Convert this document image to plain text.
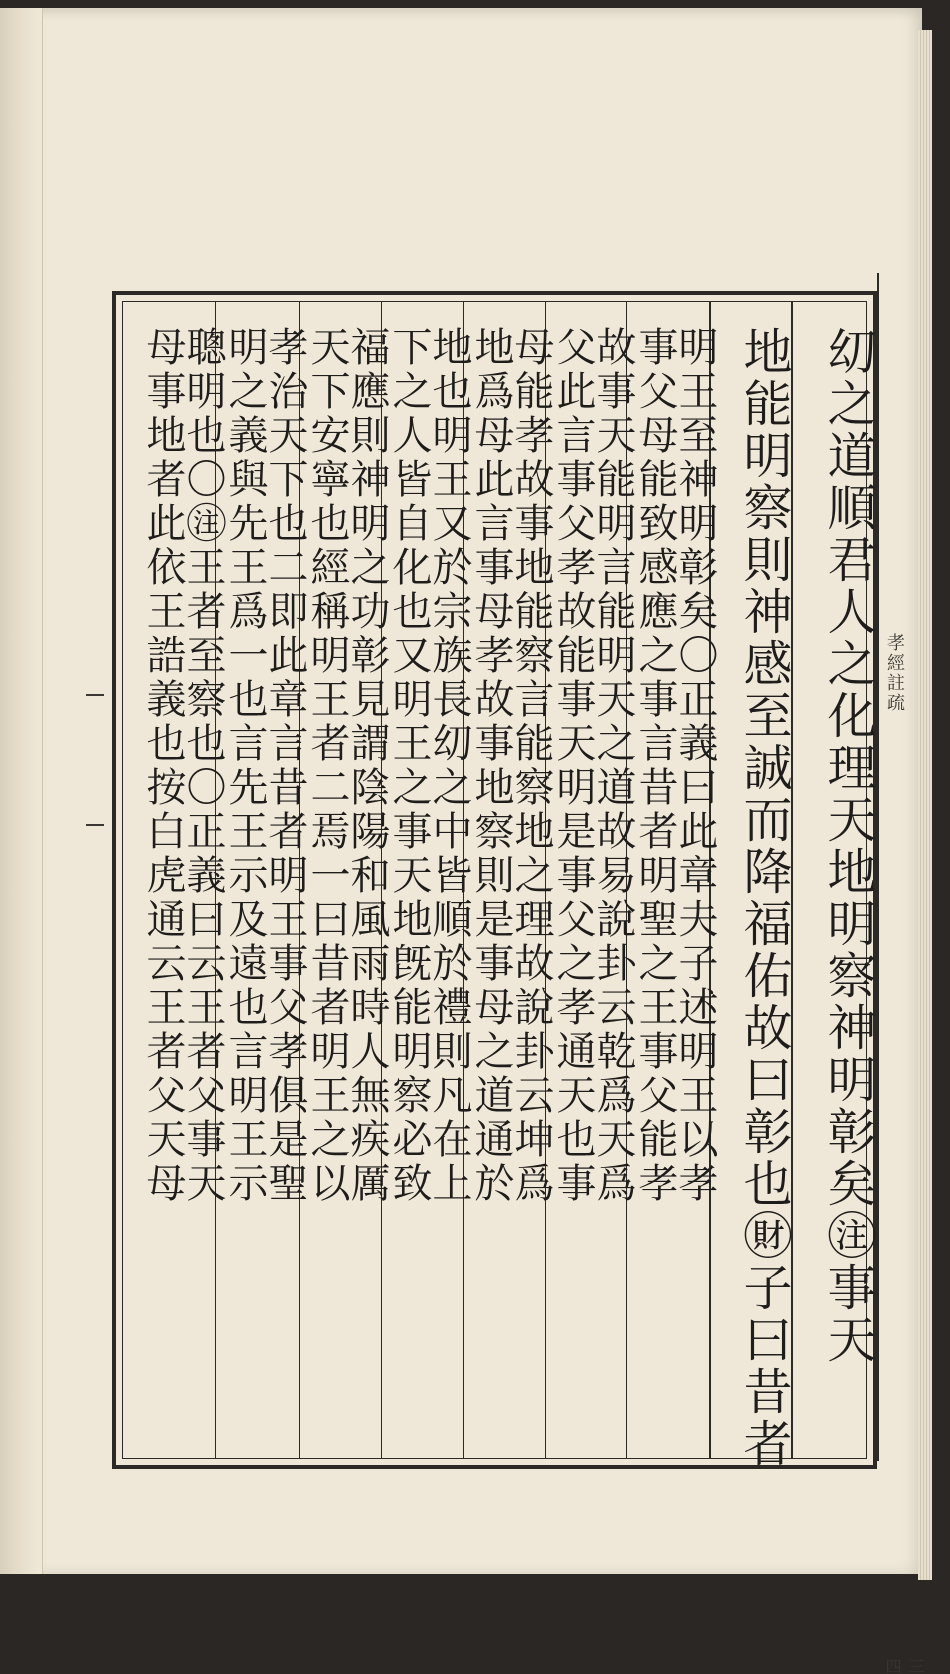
㓜之道順君人之化理天地明察神明彰矣㊟事天
地能明察則神感至誠而降福佑故曰彰也㊖子曰昔者
明王至神明彰矣〇正義曰此章夫子述明王以孝
事父母能致感應之事言昔者明聖之王事父能孝
故事天能明言能明天之道故易說卦云乾爲天爲
父此言事父孝故能事天明是事父之孝通天也事
母能孝故事地能察言能察地之理故說卦云坤爲
地爲母此言事母孝故事地察則是事母之道通於
地也明王又於宗族長㓜之中皆順於禮則凡在上
下之人皆自化也又明王之事天地旣能明察必致
福應則神明之功彰見謂陰陽和風雨時人無疾厲
天下安寧也經稱明王者二焉一曰昔者明王之以
孝治天下也二即此章言昔者明王事父孝俱是聖
明之義與先王爲一也言先王示及遠也言明王示
聰明也〇㊟王者至察也〇正義曰云王者父事天
母事地者此依王誥義也按白虎通云王者父天母	孝經註疏
三四
